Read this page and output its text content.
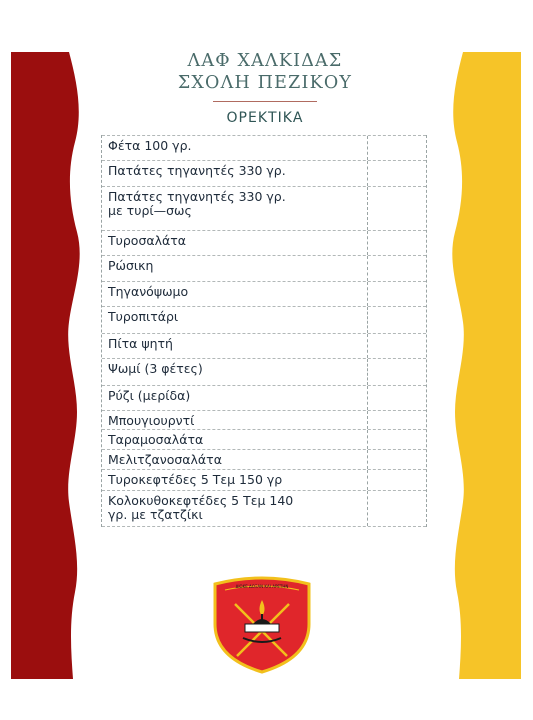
ΛΑΦ ΧΑΛΚΙΔΑΣ
ΣΧΟΛΗ ΠΕΖΙΚΟΥ
ΟΡΕΚΤΙΚΑ
Φέτα 100 γρ.
Πατάτες τηγανητές 330 γρ.
Πατάτες τηγανητές 330 γρ.
με τυρί—σως
Τυροσαλάτα
Ρώσικη
Τηγανόψωμο
Τυροπιτάρι
Πίτα ψητή
Ψωμί (3 φέτες)
Ρύζι (μερίδα)
Μπουγιουρντί
Ταραμοσαλάτα
Μελιτζανοσαλάτα
Τυροκεφτέδες 5 Τεμ 150 γρ
Κολοκυθοκεφτέδες 5 Τεμ 140
γρ. με τζατζίκι
ΔΙΩΚΕ ΔΟΞΑΝ ΚΑΙ ΑΡΕΤΗΝ
